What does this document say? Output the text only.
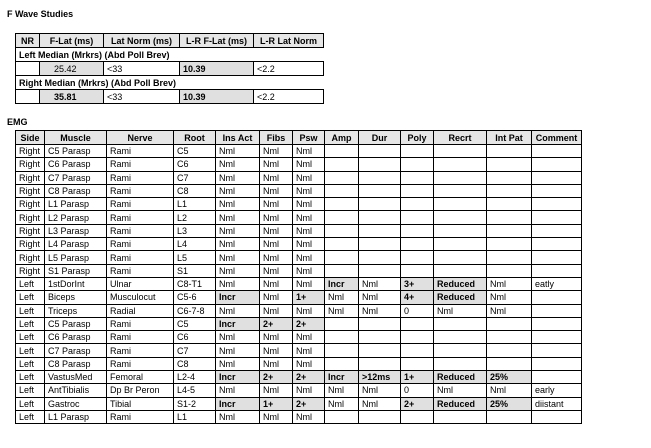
F Wave Studies
NR	F-Lat (ms)	Lat Norm (ms)	L-R F-Lat (ms)	L-R Lat Norm
Left Median (Mrkrs) (Abd Poll Brev)				
	25.42	<33	10.39	<2.2
Right Median (Mrkrs) (Abd Poll Brev)				
	35.81	<33	10.39	<2.2
EMG
Side	Muscle	Nerve	Root	Ins Act	Fibs	Psw	Amp	Dur	Poly	Recrt	Int Pat	Comment
Right	C5 Parasp	Rami	C5	Nml	Nml	Nml						
Right	C6 Parasp	Rami	C6	Nml	Nml	Nml						
Right	C7 Parasp	Rami	C7	Nml	Nml	Nml						
Right	C8 Parasp	Rami	C8	Nml	Nml	Nml						
Right	L1 Parasp	Rami	L1	Nml	Nml	Nml						
Right	L2 Parasp	Rami	L2	Nml	Nml	Nml						
Right	L3 Parasp	Rami	L3	Nml	Nml	Nml						
Right	L4 Parasp	Rami	L4	Nml	Nml	Nml						
Right	L5 Parasp	Rami	L5	Nml	Nml	Nml						
Right	S1 Parasp	Rami	S1	Nml	Nml	Nml						
Left	1stDorInt	Ulnar	C8-T1	Nml	Nml	Nml	Incr	Nml	3+	Reduced	Nml	eatly
Left	Biceps	Musculocut	C5-6	Incr	Nml	1+	Nml	Nml	4+	Reduced	Nml	
Left	Triceps	Radial	C6-7-8	Nml	Nml	Nml	Nml	Nml	0	Nml	Nml	
Left	C5 Parasp	Rami	C5	Incr	2+	2+						
Left	C6 Parasp	Rami	C6	Nml	Nml	Nml						
Left	C7 Parasp	Rami	C7	Nml	Nml	Nml						
Left	C8 Parasp	Rami	C8	Nml	Nml	Nml						
Left	VastusMed	Femoral	L2-4	Incr	2+	2+	Incr	>12ms	1+	Reduced	25%	
Left	AntTibialis	Dp Br Peron	L4-5	Nml	Nml	Nml	Nml	Nml	0	Nml	Nml	early
Left	Gastroc	Tibial	S1-2	Incr	1+	2+	Nml	Nml	2+	Reduced	25%	diistant
Left	L1 Parasp	Rami	L1	Nml	Nml	Nml						
